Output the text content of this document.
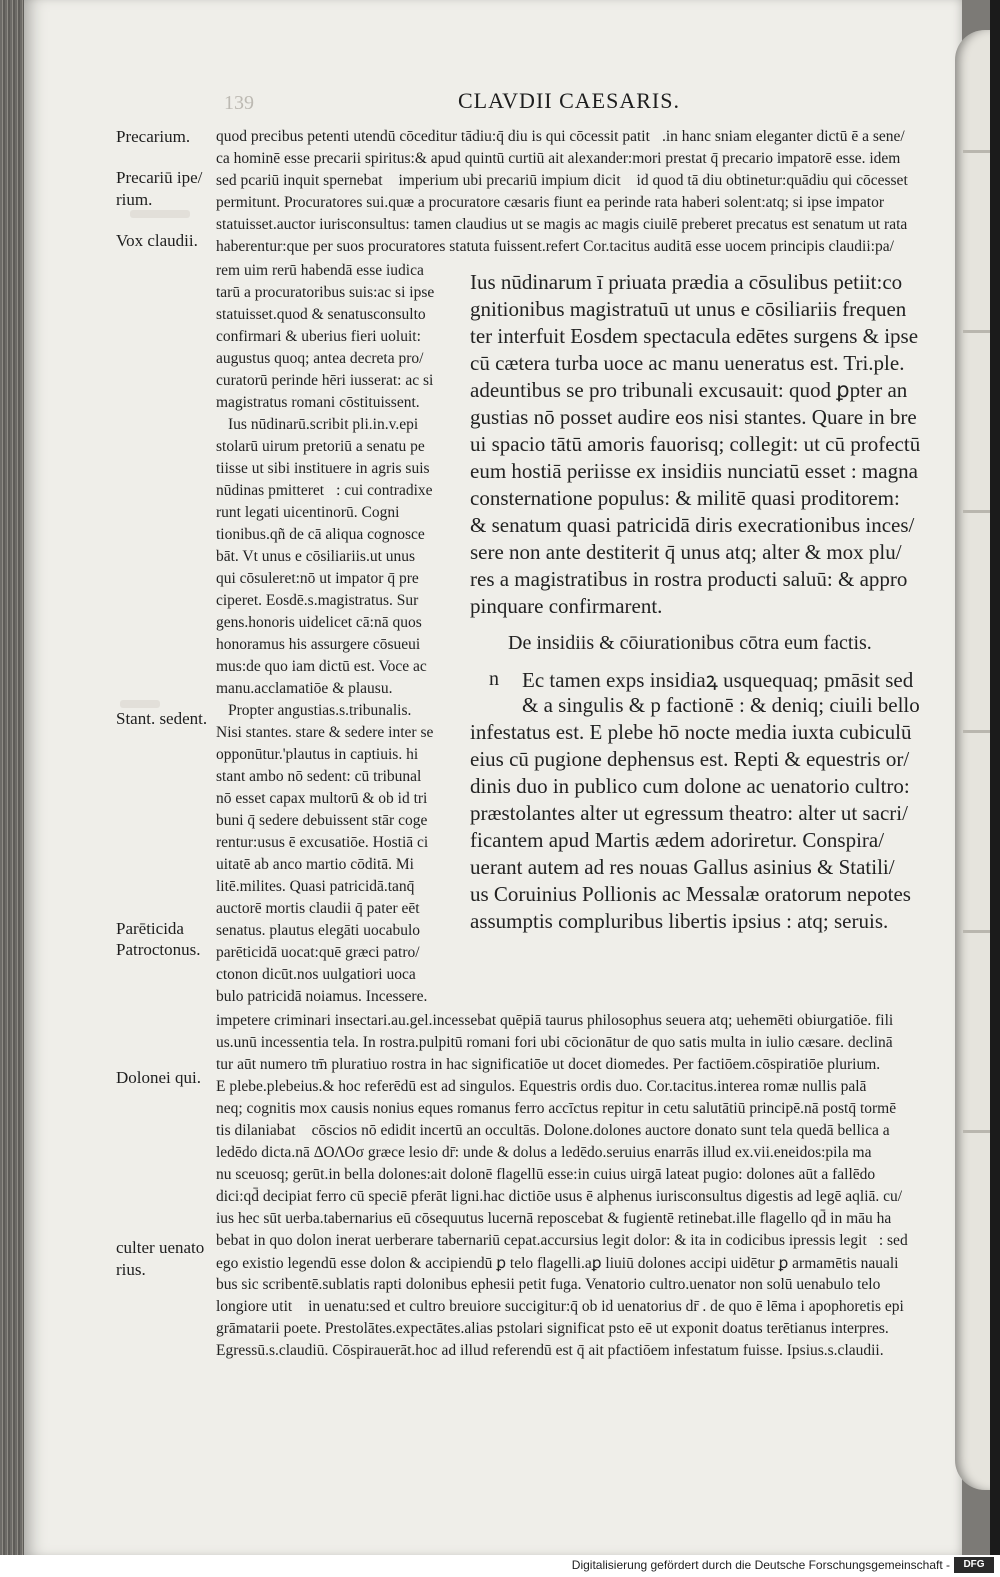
139	CLAVDII CAESARIS.
Precarium.
Precariū ipe/
rium.
Vox claudii.
Stant. sedent.
Parēticida
Patroctonus.
Dolonei qui.
culter uenato
rius.
quod precibus petenti utendū cōceditur tādiu:q̄ diu is qui cōcessit patit᷑.in hanc sniam eleganter dictū ē a sene/
ca hominē esse precarii spiritus:& apud quintū curtiū ait alexander:mori prestat q̄ precario impatorē esse. idem
sed pcariū inquit spernebat᷑ imperium ubi precariū impium dicit᷑ id quod tā diu obtinetur:quādiu qui cōcesset
permitunt. Procuratores sui.quæ a procuratore cæsaris fiunt ea perinde rata haberi solent:atq; si ipse impator
statuisset.auctor iurisconsultus: tamen claudius ut se magis ac magis ciuilē preberet precatus est senatum ut rata
haberentur:que per suos procuratores statuta fuissent.refert Cor.tacitus auditā esse uocem principis claudii:pa/
rem uim rerū habendā esse iudica
tarū a procuratoribus suis:ac si ipse
statuisset.quod & senatusconsulto
confirmari & uberius fieri uoluit:
augustus quoq; antea decreta pro/
curatorū perinde hēri iusserat: ac si
magistratus romani cōstituissent.
Ius nūdinarū.scribit pli.in.v.epi
stolarū uirum pretoriū a senatu pe
tiisse ut sibi instituere in agris suis
nūdinas pmitteret᷑: cui contradixe
runt legati uicentinorū. Cogni
tionibus.qñ de cā aliqua cognosce
bāt. Vt unus e cōsiliariis.ut unus
qui cōsuleret:nō ut impator q̄ pre
ciperet. Eosdē.s.magistratus. Sur
gens.honoris uidelicet cā:nā quos
honoramus his assurgere cōsueui
mus:de quo iam dictū est. Voce ac
manu.acclamatiōe & plausu.
Propter angustias.s.tribunalis.
Nisi stantes. stare & sedere inter se
opponūtur.'plautus in captiuis. hi
stant ambo nō sedent: cū tribunal
nō esset capax multorū & ob id tri
buni q̄ sedere debuissent stār coge
rentur:usus ē excusatiōe. Hostiā ci
uitatē ab anco martio cōditā. Mi
litē.milites. Quasi patricidā.tanq̄
auctorē mortis claudii q̄ pater eēt
senatus. plautus elegāti uocabulo
parēticidā uocat:quē græci patro/
ctonon dicūt.nos uulgatiori uoca
bulo patricidā noiamus. Incessere.
Ius nūdinarum ī priuata prædia a cōsulibus petiit:co
gnitionibus magistratuū ut unus e cōsiliariis frequen
ter interfuit Eosdem spectacula edētes surgens & ipse
cū cætera turba uoce ac manu ueneratus est. Tri.ple.
adeuntibus se pro tribunali excusauit: quod ꝑpter an
gustias nō posset audire eos nisi stantes. Quare in bre
ui spacio tātū amoris fauorisq; collegit: ut cū profectū
eum hostiā periisse ex insidiis nunciatū esset : magna
consternatione populus: & militē quasi proditorem:
& senatum quasi patricidā diris execrationibus inces/
sere non ante destiterit q̄ unus atq; alter & mox plu/
res a magistratibus in rostra producti saluū: & appro
pinquare confirmarent.
De insidiis & cōiurationibus cōtra eum factis.
n Ec tamen exps insidiaꝝ usquequaq; pmāsit sed
& a singulis & p factionē : & deniq; ciuili bello
infestatus est. E plebe hō nocte media iuxta cubiculū
eius cū pugione dephensus est. Repti & equestris or/
dinis duo in publico cum dolone ac uenatorio cultro:
præstolantes alter ut egressum theatro: alter ut sacri/
ficantem apud Martis ædem adoriretur. Conspira/
uerant autem ad res nouas Gallus asinius & Statili/
us Coruinius Pollionis ac Messalæ oratorum nepotes
assumptis compluribus libertis ipsius : atq; seruis.
impetere criminari insectari.au.gel.incessebat quēpiā taurus philosophus seuera atq; uehemēti obiurgatiōe. fili
us.unū incessentia tela. In rostra.pulpitū romani fori ubi cōcionātur de quo satis multa in iulio cæsare. declinā
tur aūt numero tm̄ pluratiuo rostra in hac significatiōe ut docet diomedes. Per factiōem.cōspiratiōe plurium.
E plebe.plebeius.& hoc referēdū est ad singulos. Equestris ordis duo. Cor.tacitus.interea romæ nullis palā
neq; cognitis mox causis nonius eques romanus ferro accīctus repitur in cetu salutātiū principē.nā postq̄ tormē
tis dilaniabat᷑ cōscios nō edidit incertū an occultās. Dolone.dolones auctore donato sunt tela quedā bellica a
ledēdo dicta.nā ΔΟΛΟσ græce lesio dr̄: unde & dolus a ledēdo.seruius enarrās illud ex.vii.eneidos:pila ma
nu sceuosq; gerūt.in bella dolones:ait dolonē flagellū esse:in cuius uirgā lateat pugio: dolones aūt a fallēdo
dici:qd̄ decipiat ferro cū speciē pferāt ligni.hac dictiōe usus ē alphenus iurisconsultus digestis ad legē aqliā. cu/
ius hec sūt uerba.tabernarius eū cōsequutus lucernā reposcebat & fugientē retinebat.ille flagello qd̄ in māu ha
bebat in quo dolon inerat uerberare tabernariū cepat.accursius legit dolor: & ita in codicibus ipressis legit᷑: sed
ego existio legendū esse dolon & accipiendū ꝑ telo flagelli.aꝑ liuiū dolones accipi uidētur ꝑ armamētis nauali
bus sic scribentē.sublatis rapti dolonibus ephesii petit fuga. Venatorio cultro.uenator non solū uenabulo telo
longiore utit᷑ in uenatu:sed et cultro breuiore succigitur:q̄ ob id uenatorius dr̄ . de quo ē lēma i apophoretis epi
grāmatarii poete. Prestolātes.expectātes.alias pstolari significat psto eē ut exponit doatus terētianus interpres.
Egressū.s.claudiū. Cōspirauerāt.hoc ad illud referendū est q̄ ait pfactiōem infestatum fuisse. Ipsius.s.claudii.
Digitalisierung gefördert durch die Deutsche Forschungsgemeinschaft -	DFG
